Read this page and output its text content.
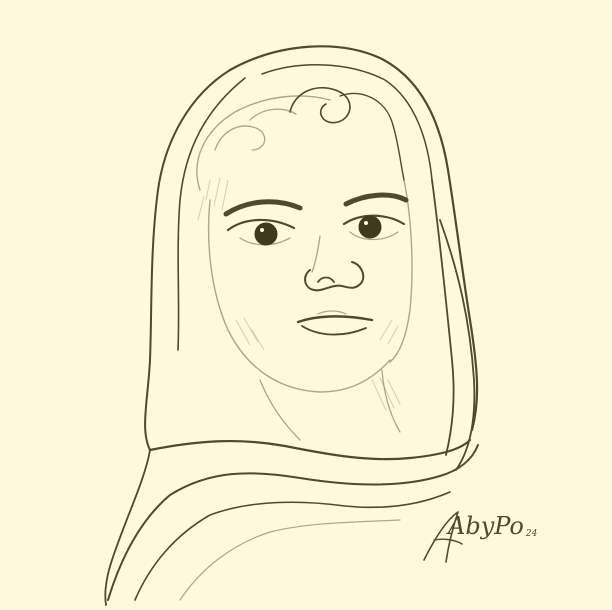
AbyPo 24
